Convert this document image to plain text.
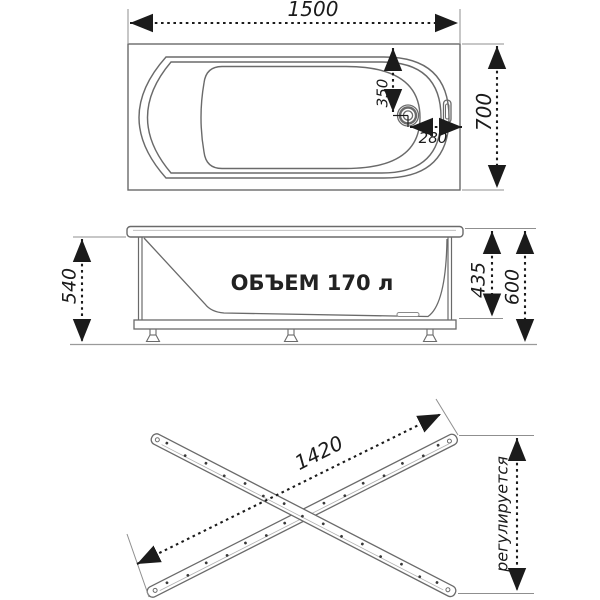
1500
700
350
280
ОБЪЕМ 170 л
540	435 600
1420
регулируется
